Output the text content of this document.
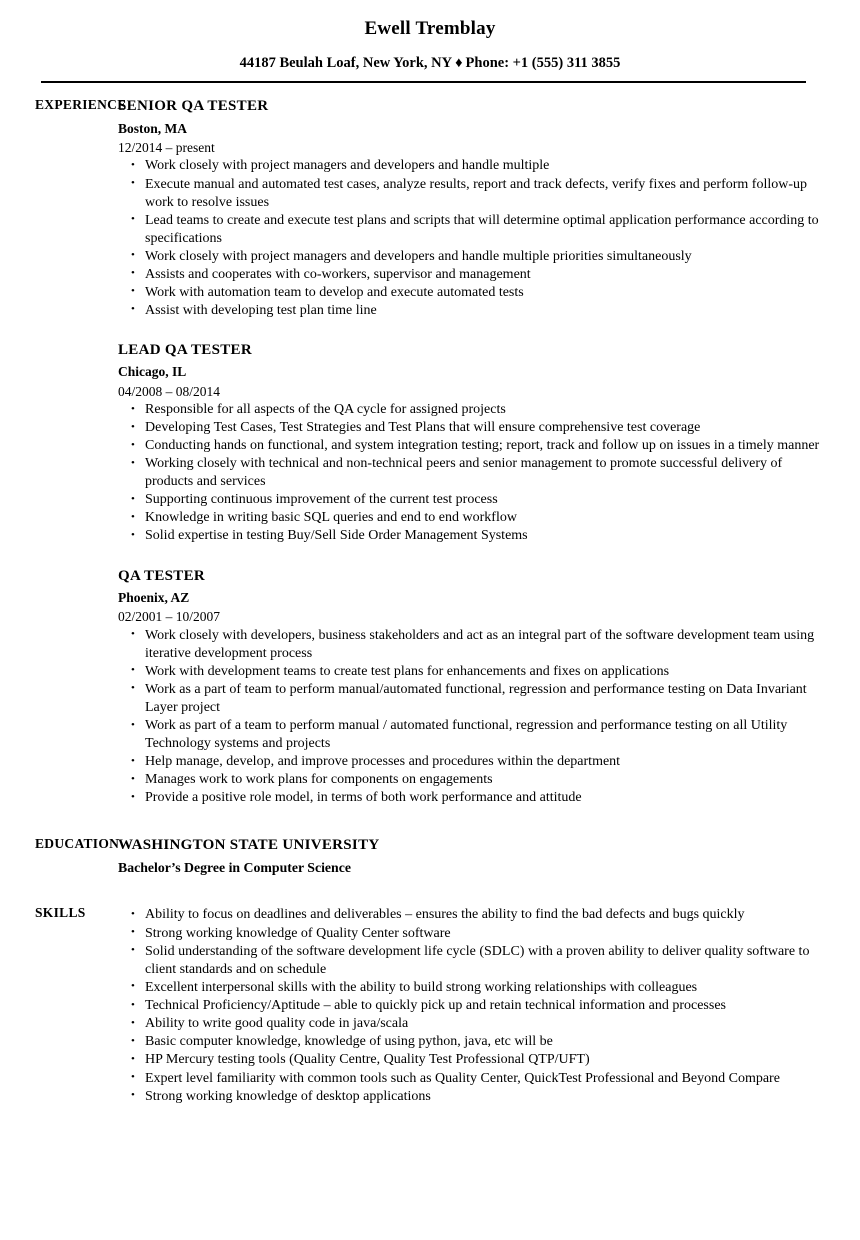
Ewell Tremblay
44187 Beulah Loaf, New York, NY ♦ Phone: +1 (555) 311 3855
EXPERIENCE
SENIOR QA TESTER
Boston, MA
12/2014 – present
• Work closely with project managers and developers and handle multiple
• Execute manual and automated test cases, analyze results, report and track defects, verify fixes and perform follow-up work to resolve issues
• Lead teams to create and execute test plans and scripts that will determine optimal application performance according to specifications
• Work closely with project managers and developers and handle multiple priorities simultaneously
• Assists and cooperates with co-workers, supervisor and management
• Work with automation team to develop and execute automated tests
• Assist with developing test plan time line
LEAD QA TESTER
Chicago, IL
04/2008 – 08/2014
• Responsible for all aspects of the QA cycle for assigned projects
• Developing Test Cases, Test Strategies and Test Plans that will ensure comprehensive test coverage
• Conducting hands on functional, and system integration testing; report, track and follow up on issues in a timely manner
• Working closely with technical and non-technical peers and senior management to promote successful delivery of products and services
• Supporting continuous improvement of the current test process
• Knowledge in writing basic SQL queries and end to end workflow
• Solid expertise in testing Buy/Sell Side Order Management Systems
QA TESTER
Phoenix, AZ
02/2001 – 10/2007
• Work closely with developers, business stakeholders and act as an integral part of the software development team using iterative development process
• Work with development teams to create test plans for enhancements and fixes on applications
• Work as a part of team to perform manual/automated functional, regression and performance testing on Data Invariant Layer project
• Work as part of a team to perform manual / automated functional, regression and performance testing on all Utility Technology systems and projects
• Help manage, develop, and improve processes and procedures within the department
• Manages work to work plans for components on engagements
• Provide a positive role model, in terms of both work performance and attitude
EDUCATION
WASHINGTON STATE UNIVERSITY
Bachelor’s Degree in Computer Science
SKILLS	• Ability to focus on deadlines and deliverables – ensures the ability to find the bad defects and bugs quickly
• Strong working knowledge of Quality Center software
• Solid understanding of the software development life cycle (SDLC) with a proven ability to deliver quality software to client standards and on schedule
• Excellent interpersonal skills with the ability to build strong working relationships with colleagues
• Technical Proficiency/Aptitude – able to quickly pick up and retain technical information and processes
• Ability to write good quality code in java/scala
• Basic computer knowledge, knowledge of using python, java, etc will be
• HP Mercury testing tools (Quality Centre, Quality Test Professional QTP/UFT)
• Expert level familiarity with common tools such as Quality Center, QuickTest Professional and Beyond Compare
• Strong working knowledge of desktop applications
